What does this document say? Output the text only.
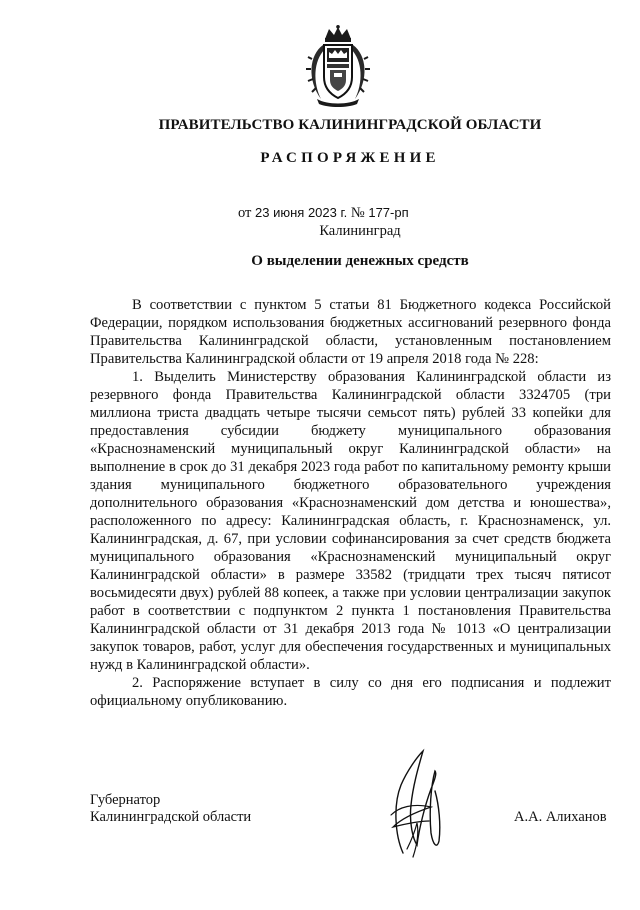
ПРАВИТЕЛЬСТВО КАЛИНИНГРАДСКОЙ ОБЛАСТИ
РАСПОРЯЖЕНИЕ
от 23 июня 2023 г. № 177-рп
Калининград
О выделении денежных средств

В соответствии с пунктом 5 статьи 81 Бюджетного кодекса Российской Федерации, порядком использования бюджетных ассигнований резервного фонда Правительства Калининградской области, установленным постановлением Правительства Калининградской области от 19 апреля 2018 года № 228:

1. Выделить Министерству образования Калининградской области из резервного фонда Правительства Калининградской области 3324705 (три миллиона триста двадцать четыре тысячи семьсот пять) рублей 33 копейки для предоставления субсидии бюджету муниципального образования «Краснознаменский муниципальный округ Калининградской области» на выполнение в срок до 31 декабря 2023 года работ по капитальному ремонту крыши здания муниципального бюджетного образовательного учреждения дополнительного образования «Краснознаменский дом детства и юношества», расположенного по адресу: Калининградская область, г. Краснознаменск, ул. Калининградская, д. 67, при условии софинансирования за счет средств бюджета муниципального образования «Краснознаменский муниципальный округ Калининградской области» в размере 33582 (тридцати трех тысяч пятисот восьмидесяти двух) рублей 88 копеек, а также при условии централизации закупок работ в соответствии с подпунктом 2 пункта 1 постановления Правительства Калининградской области от 31 декабря 2013 года № 1013 «О централизации закупок товаров, работ, услуг для обеспечения государственных и муниципальных нужд в Калининградской области».

2. Распоряжение вступает в силу со дня его подписания и подлежит официальному опубликованию.

Губернатор
Калининградской области	А.А. Алиханов
